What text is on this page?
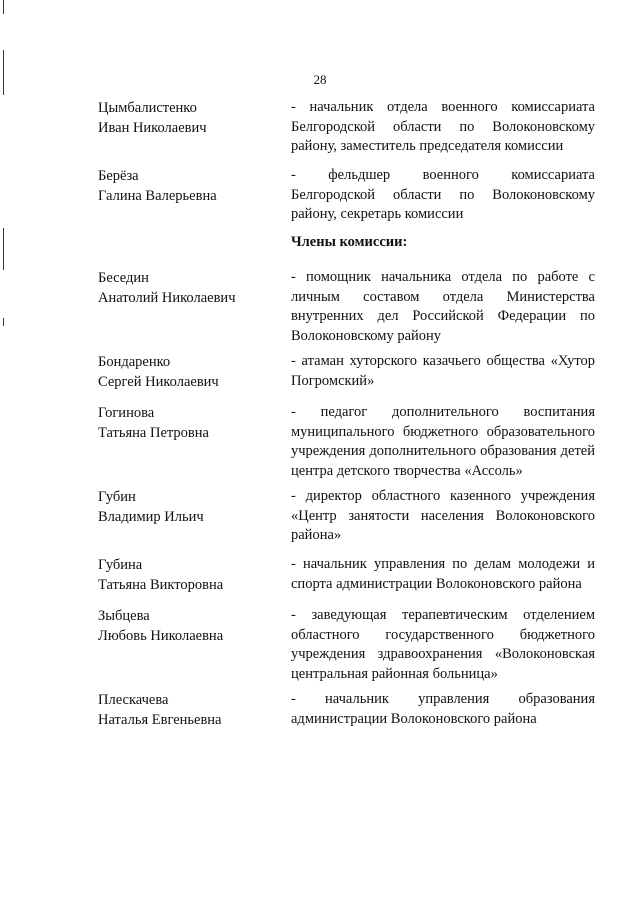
28
Цымбалистенко
Иван Николаевич
- начальник отдела военного комиссариата Белгородской области по Волоконовскому району, заместитель председателя комиссии
Берёза
Галина Валерьевна
- фельдшер военного комиссариата Белгородской области по Волоконовскому району, секретарь комиссии
Члены комиссии:
Беседин
Анатолий Николаевич
- помощник начальника отдела по работе с личным составом отдела Министерства внутренних дел Российской Федерации по Волоконовскому району
Бондаренко
Сергей Николаевич
- атаман хуторского казачьего общества «Хутор Погромский»
Гогинова
Татьяна Петровна
- педагог дополнительного воспитания муниципального бюджетного образовательного учреждения дополнительного образования детей центра детского творчества «Ассоль»
Губин
Владимир Ильич
- директор областного казенного учреждения «Центр занятости населения Волоконовского района»
Губина
Татьяна Викторовна
- начальник управления по делам молодежи и спорта администрации Волоконовского района
Зыбцева
Любовь Николаевна
- заведующая терапевтическим отделением областного государственного бюджетного учреждения здравоохранения «Волоконовская центральная районная больница»
Плескачева
Наталья Евгеньевна
- начальник управления образования администрации Волоконовского района
